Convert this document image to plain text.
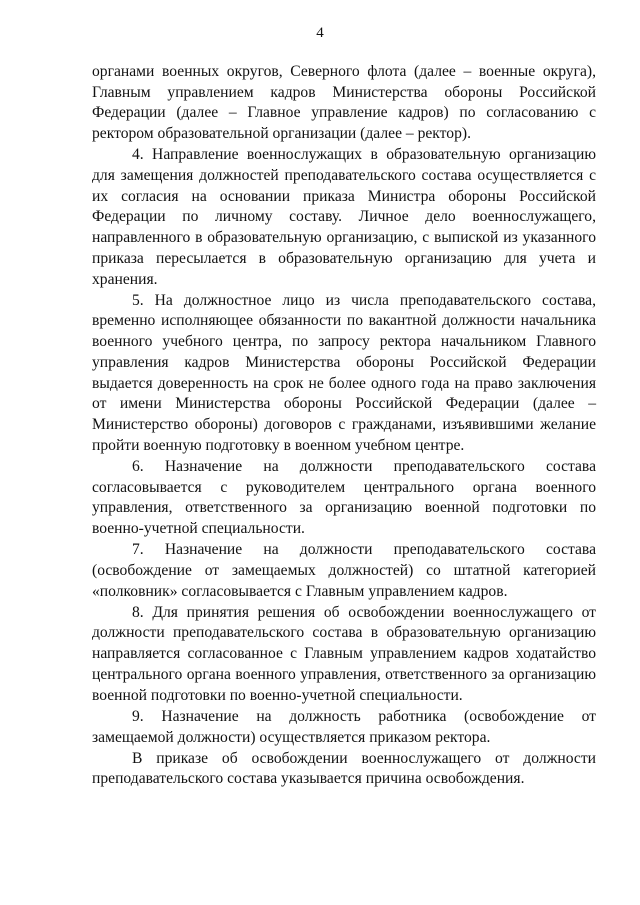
4

органами военных округов, Северного флота (далее – военные округа), Главным управлением кадров Министерства обороны Российской Федерации (далее – Главное управление кадров) по согласованию с ректором образовательной организации (далее – ректор).

4. Направление военнослужащих в образовательную организацию для замещения должностей преподавательского состава осуществляется с их согласия на основании приказа Министра обороны Российской Федерации по личному составу. Личное дело военнослужащего, направленного в образовательную организацию, с выпиской из указанного приказа пересылается в образовательную организацию для учета и хранения.

5. На должностное лицо из числа преподавательского состава, временно исполняющее обязанности по вакантной должности начальника военного учебного центра, по запросу ректора начальником Главного управления кадров Министерства обороны Российской Федерации выдается доверенность на срок не более одного года на право заключения от имени Министерства обороны Российской Федерации (далее – Министерство обороны) договоров с гражданами, изъявившими желание пройти военную подготовку в военном учебном центре.

6. Назначение на должности преподавательского состава согласовывается с руководителем центрального органа военного управления, ответственного за организацию военной подготовки по военно-учетной специальности.

7. Назначение на должности преподавательского состава (освобождение от замещаемых должностей) со штатной категорией «полковник» согласовывается с Главным управлением кадров.

8. Для принятия решения об освобождении военнослужащего от должности преподавательского состава в образовательную организацию направляется согласованное с Главным управлением кадров ходатайство центрального органа военного управления, ответственного за организацию военной подготовки по военно-учетной специальности.

9. Назначение на должность работника (освобождение от замещаемой должности) осуществляется приказом ректора.

В приказе об освобождении военнослужащего от должности преподавательского состава указывается причина освобождения.
